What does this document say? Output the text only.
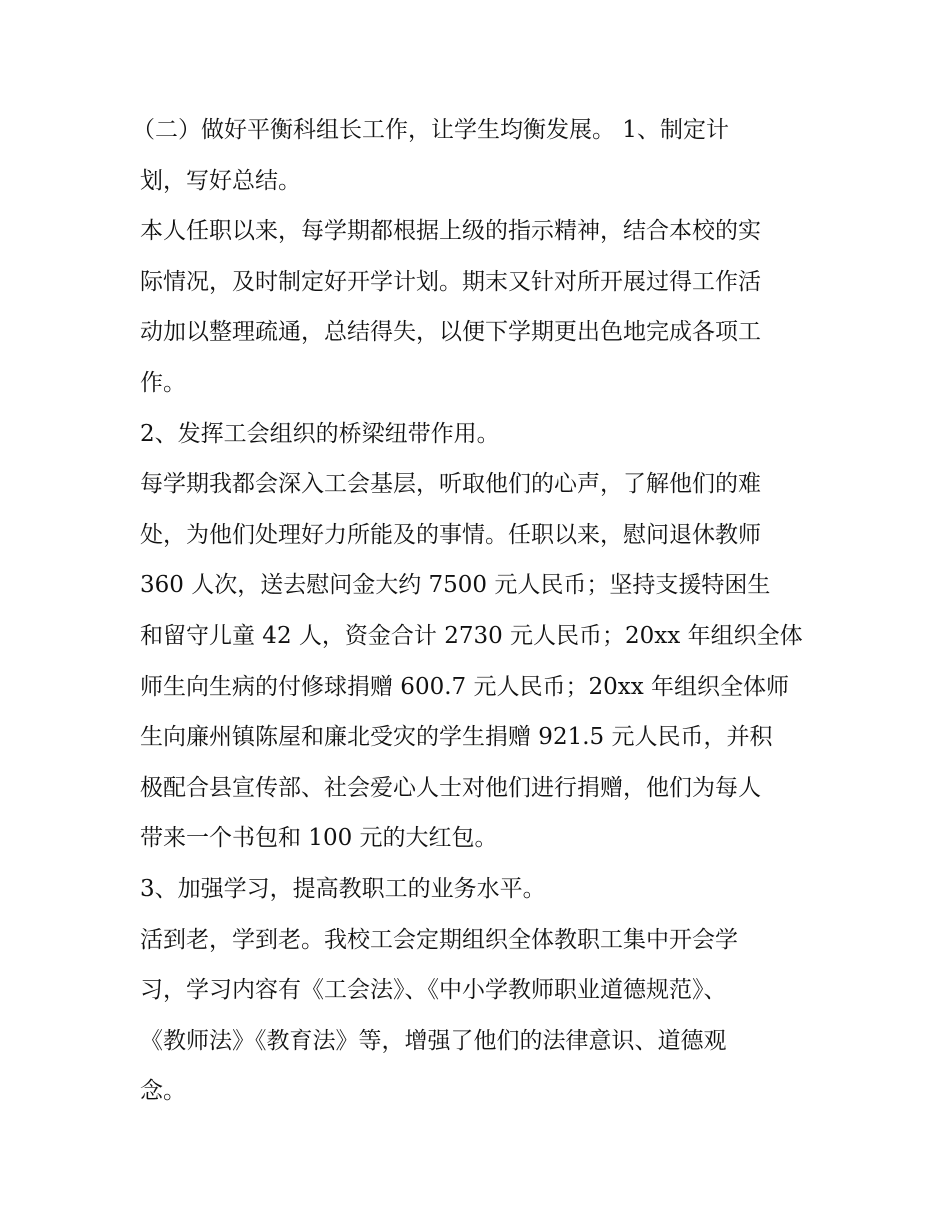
（二）做好平衡科组长工作，让学生均衡发展。 1、制定计
划，写好总结。
本人任职以来，每学期都根据上级的指示精神，结合本校的实
际情况，及时制定好开学计划。期末又针对所开展过得工作活
动加以整理疏通，总结得失，以便下学期更出色地完成各项工
作。
2、发挥工会组织的桥梁纽带作用。
每学期我都会深入工会基层，听取他们的心声，了解他们的难
处，为他们处理好力所能及的事情。任职以来，慰问退休教师
360 人次，送去慰问金大约 7500 元人民币；坚持支援特困生
和留守儿童 42 人，资金合计 2730 元人民币；20xx 年组织全体
师生向生病的付修球捐赠 600.7 元人民币；20xx 年组织全体师
生向廉州镇陈屋和廉北受灾的学生捐赠 921.5 元人民币，并积
极配合县宣传部、社会爱心人士对他们进行捐赠，他们为每人
带来一个书包和 100 元的大红包。
3、加强学习，提高教职工的业务水平。
活到老，学到老。我校工会定期组织全体教职工集中开会学
习，学习内容有《工会法》、《中小学教师职业道德规范》、
《教师法》《教育法》等，增强了他们的法律意识、道德观
念。
